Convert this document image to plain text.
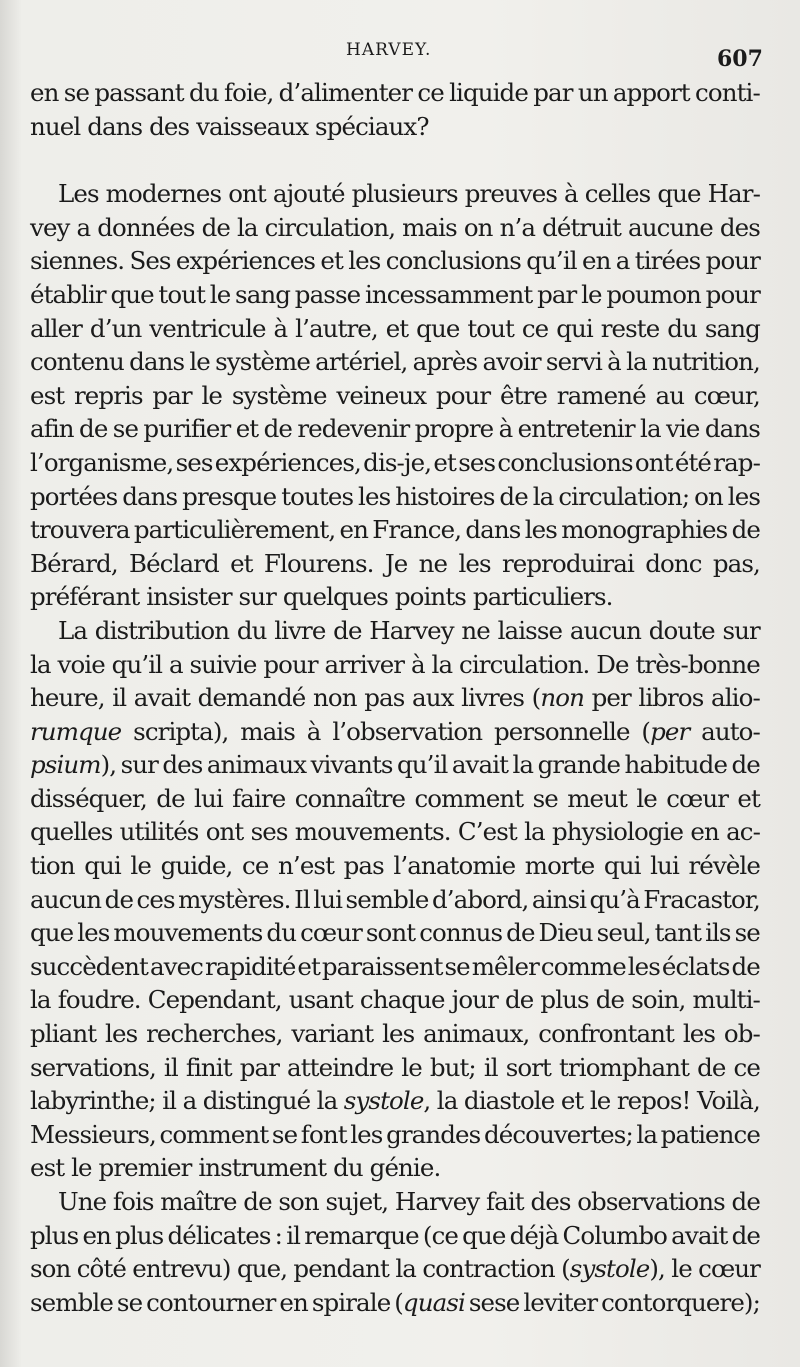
HARVEY.	607
en se passant du foie, d’alimenter ce liquide par un apport conti-
nuel
dans
des
vaisseaux
spéciaux?

Les modernes ont ajouté plusieurs preuves à celles que Har-
vey a données de la circulation, mais on n’a détruit aucune des
siennes. Ses expériences et les conclusions qu’il en a tirées pour
établir que tout le sang passe incessamment par le poumon pour
aller d’un ventricule à l’autre, et que tout ce qui reste du sang
contenu dans le système artériel, après avoir servi à la nutrition,
est repris par le système veineux pour être ramené au cœur,
afin de se purifier et de redevenir propre à entretenir la vie dans
l’organisme, ses expériences, dis-je, et ses conclusions ont été rap-
portées dans presque toutes les histoires de la circulation; on les
trouvera particulièrement, en France, dans les monographies de
Bérard, Béclard et Flourens. Je ne les reproduirai donc pas,
préférant
insister
sur
quelques
points
particuliers.

La distribution du livre de Harvey ne laisse aucun doute sur
la voie qu’il a suivie pour arriver à la circulation. De très-bonne
heure, il avait demandé non pas aux livres (non per libros alio-
rumque scripta), mais à l’observation personnelle (per auto-
psium), sur des animaux vivants qu’il avait la grande habitude de
disséquer, de lui faire connaître comment se meut le cœur et
quelles utilités ont ses mouvements. C’est la physiologie en ac-
tion qui le guide, ce n’est pas l’anatomie morte qui lui révèle
aucun de ces mystères. Il lui semble d’abord, ainsi qu’à Fracastor,
que les mouvements du cœur sont connus de Dieu seul, tant ils se
succèdent avec rapidité et paraissent se mêler comme les éclats de
la foudre. Cependant, usant chaque jour de plus de soin, multi-
pliant les recherches, variant les animaux, confrontant les ob-
servations, il finit par atteindre le but; il sort triomphant de ce
labyrinthe; il a distingué la systole, la diastole et le repos! Voilà,
Messieurs, comment se font les grandes découvertes; la patience
est
le
premier
instrument
du
génie.

Une fois maître de son sujet, Harvey fait des observations de
plus en plus délicates : il remarque (ce que déjà Columbo avait de
son côté entrevu) que, pendant la contraction (systole), le cœur
semble se contourner en spirale (quasi sese leviter contorquere);
